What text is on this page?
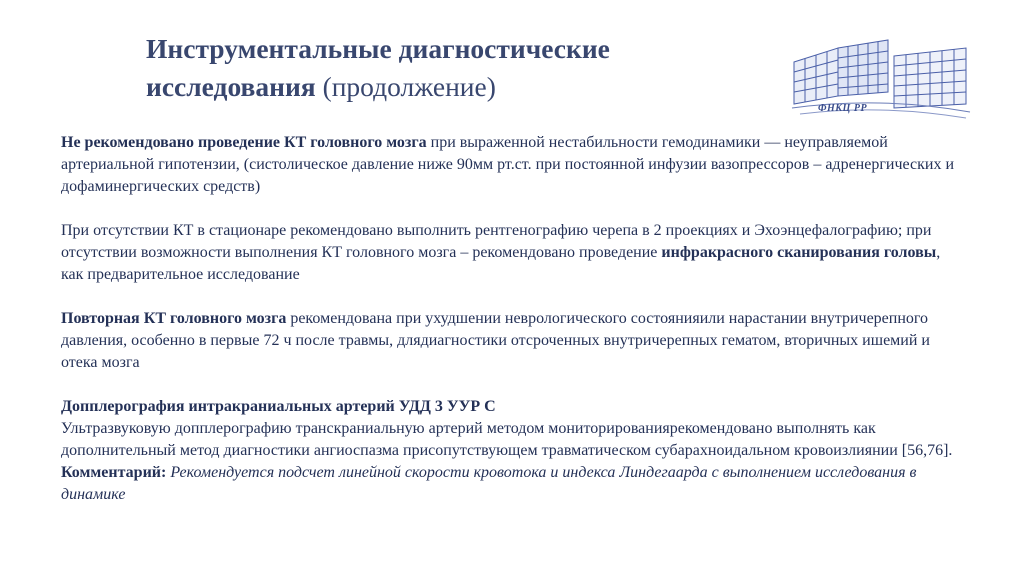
Инструментальные диагностические исследования (продолжение)
ФНКЦ РР

Не рекомендовано проведение КТ головного мозга при выраженной нестабильности гемодинамики — неуправляемой артериальной гипотензии, (систолическое давление ниже 90мм рт.ст. при постоянной инфузии вазопрессоров – адренергических и дофаминергических средств)

При отсутствии КТ в стационаре рекомендовано выполнить рентгенографию черепа в 2 проекциях и Эхоэнцефалографию; при отсутствии возможности выполнения КТ головного мозга – рекомендовано проведение инфракрасного сканирования головы, как предварительное исследование

Повторная КТ головного мозга рекомендована при ухудшении неврологического состоянияили нарастании внутричерепного давления, особенно в первые 72 ч после травмы, длядиагностики отсроченных внутричерепных гематом, вторичных ишемий и отека мозга

Допплерография интракраниальных артерий УДД 3 УУР С
Ультразвуковую допплерографию транскраниальную артерий методом мониторированиярекомендовано выполнять как дополнительный метод диагностики ангиоспазма присопутствующем травматическом субарахноидальном кровоизлиянии [56,76].
Комментарий: Рекомендуется подсчет линейной скорости кровотока и индекса Линдегаарда с выполнением исследования в динамике
